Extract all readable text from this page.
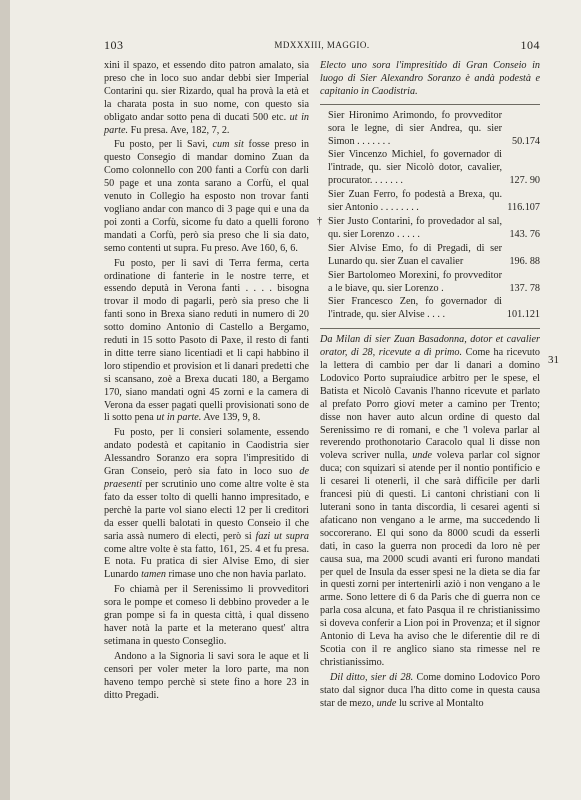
103	MDXXXIII, MAGGIO.	104

xini il spazo, et essendo dito patron amalato, sia preso che in loco suo andar debbi sier Imperial Contarini qu. sier Rizardo, qual ha provà la età et la charata posta in suo nome, con questo sia obligato andar sotto pena di ducati 500 etc. ut in parte. Fu presa. Ave, 182, 7, 2.

Fu posto, per li Savi, cum sit fosse preso in questo Consegio di mandar domino Zuan da Como colonnello con 200 fanti a Corfù con darli 50 page et una zonta sarano a Corfù, el qual venuto in Collegio ha esposto non trovar fanti vogliano andar con manco di 3 page qui e una da poi zonti a Corfù, sicome fu dato a quelli forono mandati a Corfù, però sia preso che li sia dato, semo contenti ut supra. Fu preso. Ave 160, 6, 6.

Fu posto, per li savi di Terra ferma, certa ordinatione di fanterie in le nostre terre, et essendo deputà in Verona fanti . . . . bisogna trovar il modo di pagarli, però sia preso che li fanti sono in Brexa siano reduti in numero di 20 sotto domino Antonio di Castello a Bergamo, reduti in 15 sotto Pasoto di Paxe, il resto di fanti in ditte terre siano licentiadi et li capi habbino il loro stipendio et provision et li danari predetti che si scansano, zoè a Brexa ducati 180, a Bergamo 170, siano mandati ogni 45 zorni e la camera di Verona da esser pagati quelli provisionati sono de li sotto pena ut in parte. Ave 139, 9, 8.

Fu posto, per li consieri solamente, essendo andato podestà et capitanio in Caodistria sier Alessandro Soranzo era sopra l'impresitido di Gran Conseio, però sia fato in loco suo de praesenti per scrutinio uno come altre volte è sta fato da esser tolto di quelli hanno impresitado, e perchè la parte vol siano electi 12 per li creditori da esser quelli balotati in questo Conseio il che saria assà numero di electi, però si fazi ut supra come altre volte è sta fatto, 161, 25. 4 et fu presa. E nota. Fu pratica di sier Alvise Emo, di sier Lunardo tamen rimase uno che non havia parlato.

Fo chiamà per il Serenissimo li provveditori sora le pompe et comeso li debbino proveder a le gran pompe si fa in questa città, i qual disseno haver notà la parte et la meterano quest' altra setimana in questo Conseglio.

Andono a la Signoria li savi sora le aque et li censori per voler meter la loro parte, ma non haveno tempo perchè si stete fino a hore 23 in ditto Pregadi.

Electo uno sora l'impresitido di Gran Conseio in luogo di Sier Alexandro Soranzo è andà podestà e capitanio in Caodistria.
Sier Hironimo Arimondo, fo provveditor sora le legne, di sier Andrea, qu. sier Simon . . . . . . .	50.174
Sier Vincenzo Michiel, fo governador di l'intrade, qu. sier Nicolò dotor, cavalier, procurator. . . . . . .	127. 90
Sier Zuan Ferro, fo podestà a Brexa, qu. sier Antonio . . . . . . . .	116.107
† Sier Justo Contarini, fo provedador al sal, qu. sier Lorenzo . . . . .	143. 76
Sier Alvise Emo, fo di Pregadi, di ser Lunardo qu. sier Zuan el cavalier	196. 88
Sier Bartolomeo Morexini, fo provveditor a le biave, qu. sier Lorenzo .	137. 78
Sier Francesco Zen, fo governador di l'intrade, qu. sier Alvise . . . .	101.121

Da Milan di sier Zuan Basadonna, dotor et cavalier orator, di 28, ricevute a dì primo. Come ha ricevuto la lettera di cambio per dar li danari a domino Lodovico Porto supraiudice arbitro per le spese, el Batista et Nicolò Cavanis l'hanno ricevute et parlato al prefato Porro gioví meter a camino per Trento; disse non haver auto alcun ordine di questo dal Serenissimo re di romani, e che 'l voleva parlar al reverendo prothonotario Caracolo qual li disse non voleva scriver nulla, unde voleva parlar col signor duca; con squizari si atende per il nontio pontificio e li cesarei li otenerli, il che sarà difficile per darli francesi più di questi. Li cantoni christiani con li luterani sono in tanta discordia, li cesarei agenti si afaticano non vengano a le arme, ma succedendo li soccorerano. El qui sono da 8000 scudi da esserli dati, in caso la guerra non procedi da loro nè per causa sua, ma 2000 scudi avanti eri furono mandati per quel de Insula da esser spesi ne la dieta se dia far in questi zorni per intertenirli aziò i non vengano a le arme. Sono lettere di 6 da Paris che di guerra non ce parla cosa alcuna, et fato Pasqua il re christianissimo si doveva conferir a Lion poi in Provenza; et il signor Antonio di Leva ha aviso che le diferentie dil re di Scotia con il re anglico siano sta rimesse nel re christianissimo.

Dil ditto, sier di 28. Come domino Lodovico Poro stato dal signor duca l'ha ditto come in questa causa star de mezo, unde lu scrive al Montalto

31
